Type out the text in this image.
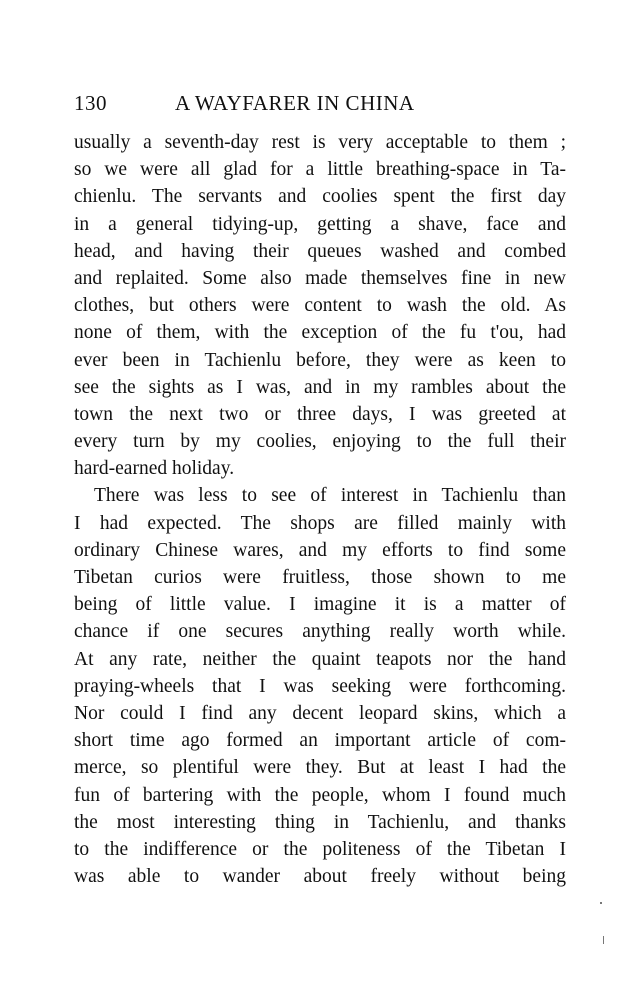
130	A WAYFARER IN CHINA
usually a seventh-day rest is very acceptable to them ;
so we were all glad for a little breathing-space in Ta-
chienlu. The servants and coolies spent the first day
in a general tidying-up, getting a shave, face and
head, and having their queues washed and combed
and replaited. Some also made themselves fine in new
clothes, but others were content to wash the old. As
none of them, with the exception of the fu t'ou, had
ever been in Tachienlu before, they were as keen to
see the sights as I was, and in my rambles about the
town the next two or three days, I was greeted at
every turn by my coolies, enjoying to the full their
hard-earned holiday.
There was less to see of interest in Tachienlu than
I had expected. The shops are filled mainly with
ordinary Chinese wares, and my efforts to find some
Tibetan curios were fruitless, those shown to me
being of little value. I imagine it is a matter of
chance if one secures anything really worth while.
At any rate, neither the quaint teapots nor the hand
praying-wheels that I was seeking were forthcoming.
Nor could I find any decent leopard skins, which a
short time ago formed an important article of com-
merce, so plentiful were they. But at least I had the
fun of bartering with the people, whom I found much
the most interesting thing in Tachienlu, and thanks
to the indifference or the politeness of the Tibetan I
was able to wander about freely without being
